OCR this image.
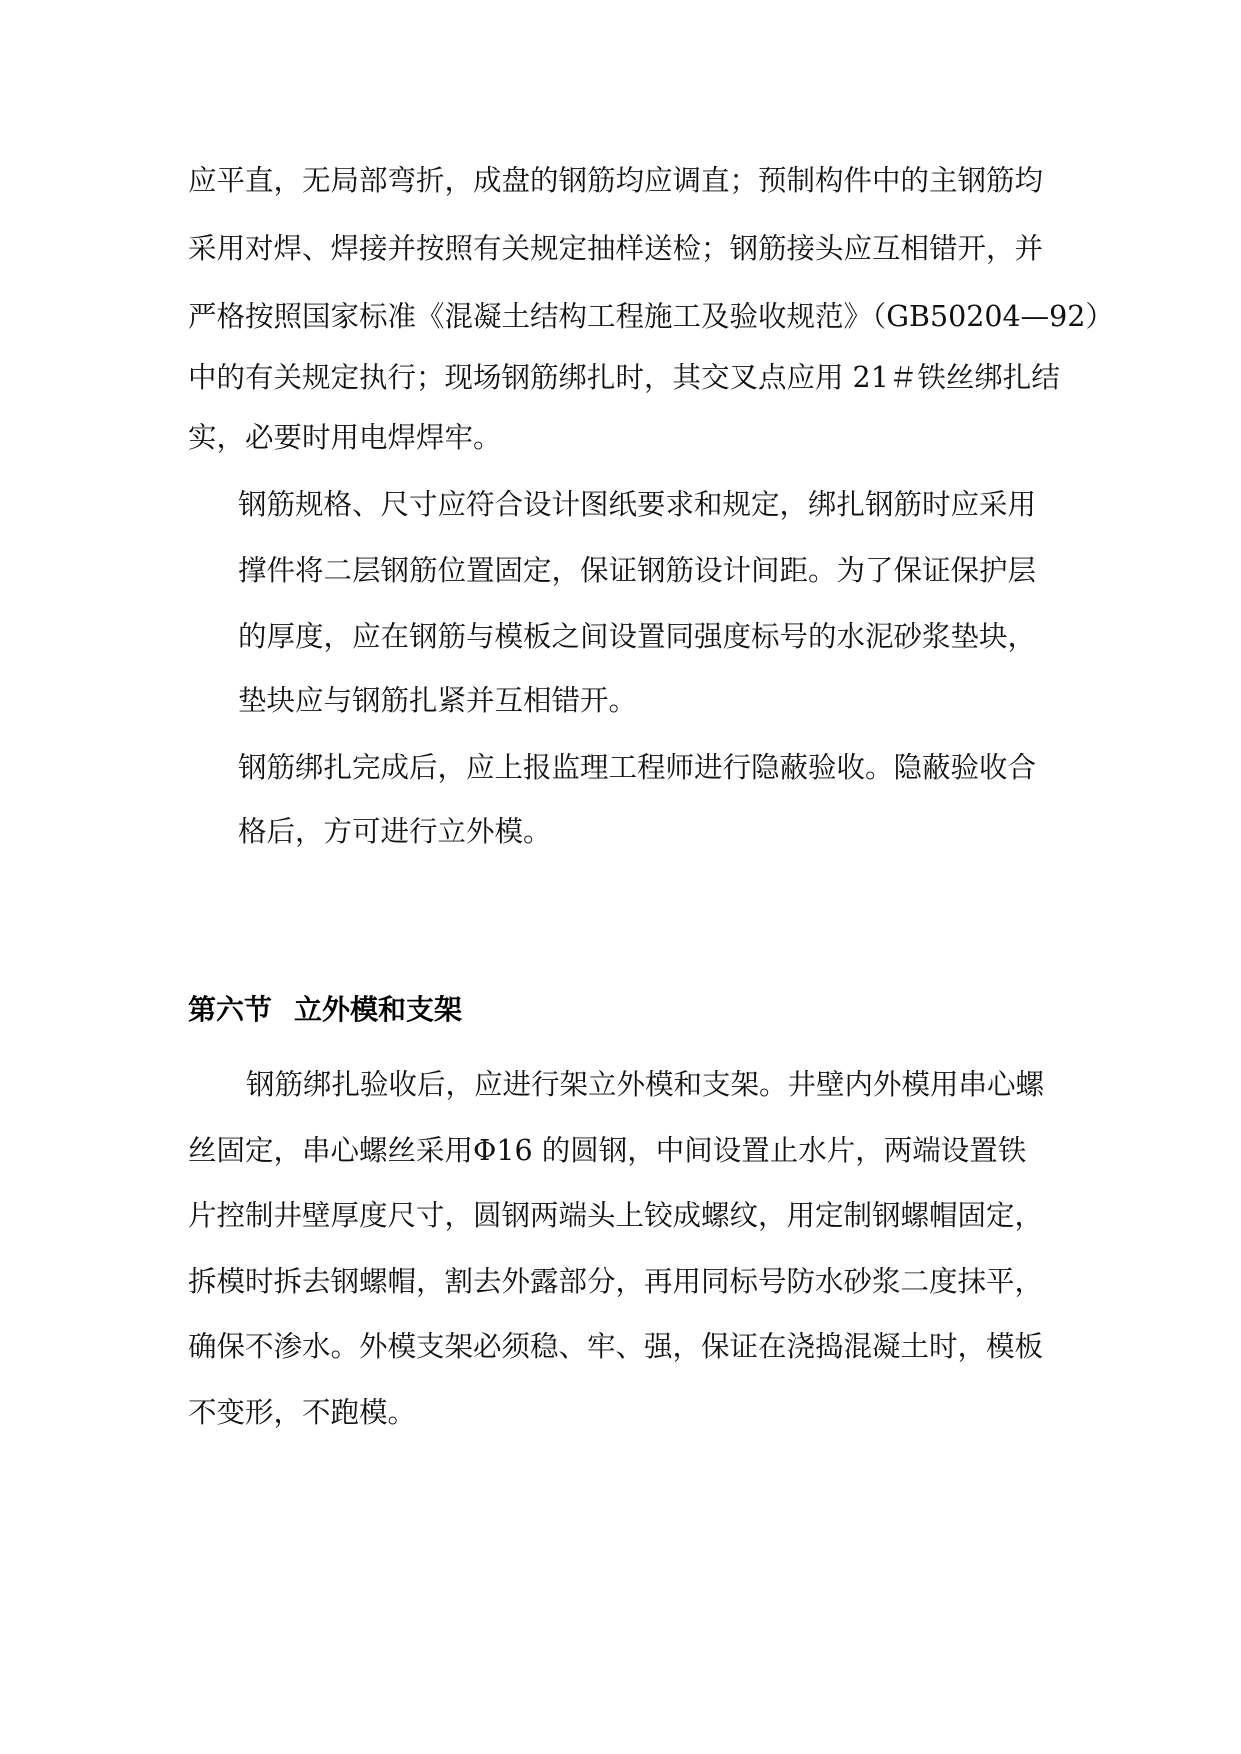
应平直，无局部弯折，成盘的钢筋均应调直；预制构件中的主钢筋均
采用对焊、焊接并按照有关规定抽样送检；钢筋接头应互相错开，并
严格按照国家标准《混凝土结构工程施工及验收规范》（GB50204—92）
中的有关规定执行；现场钢筋绑扎时，其交叉点应用 21＃铁丝绑扎结
实，必要时用电焊焊牢。
钢筋规格、尺寸应符合设计图纸要求和规定，绑扎钢筋时应采用
撑件将二层钢筋位置固定，保证钢筋设计间距。为了保证保护层
的厚度，应在钢筋与模板之间设置同强度标号的水泥砂浆垫块，
垫块应与钢筋扎紧并互相错开。
钢筋绑扎完成后，应上报监理工程师进行隐蔽验收。隐蔽验收合
格后，方可进行立外模。
第六节 立外模和支架
钢筋绑扎验收后，应进行架立外模和支架。井壁内外模用串心螺
丝固定，串心螺丝采用Φ16 的圆钢，中间设置止水片，两端设置铁
片控制井壁厚度尺寸，圆钢两端头上铰成螺纹，用定制钢螺帽固定，
拆模时拆去钢螺帽，割去外露部分，再用同标号防水砂浆二度抹平，
确保不渗水。外模支架必须稳、牢、强，保证在浇捣混凝土时，模板
不变形，不跑模。
